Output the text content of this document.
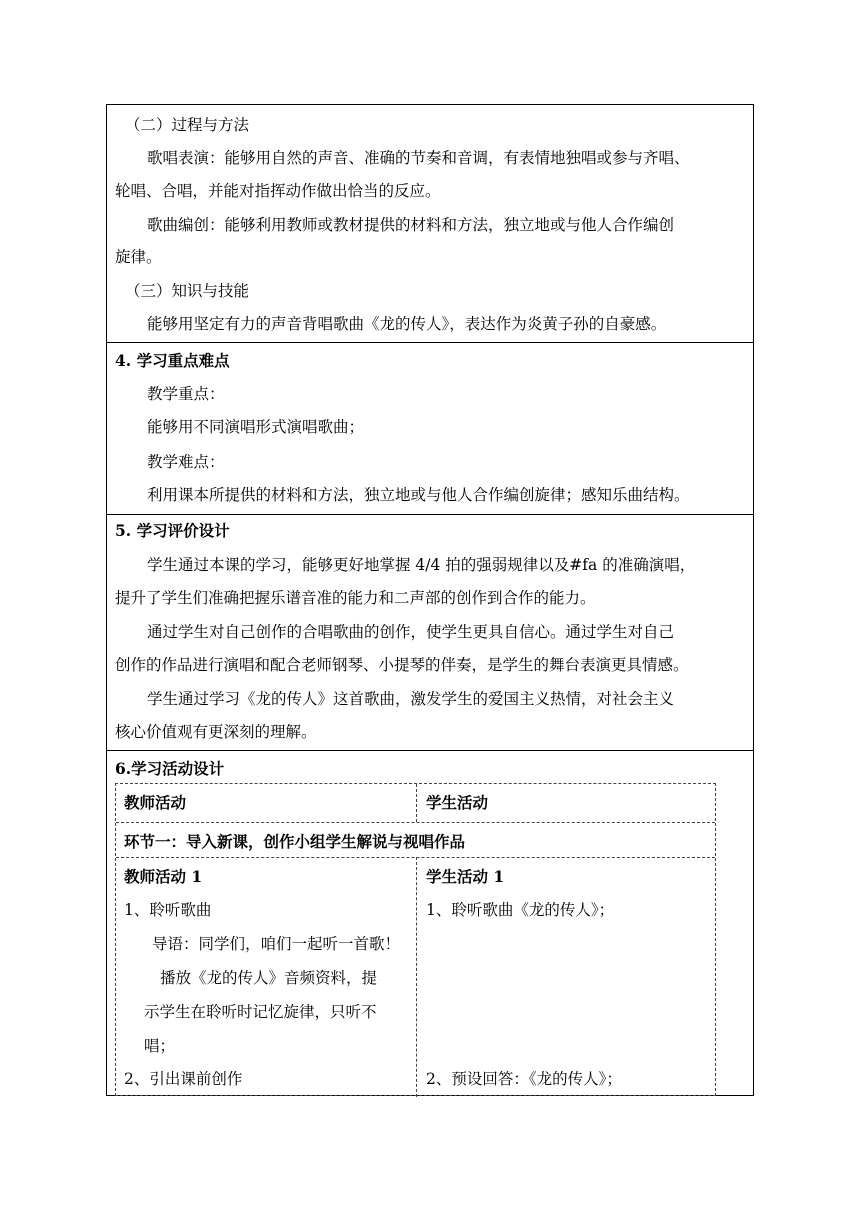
（二）过程与方法
歌唱表演：能够用自然的声音、准确的节奏和音调，有表情地独唱或参与齐唱、
轮唱、合唱，并能对指挥动作做出恰当的反应。
歌曲编创：能够利用教师或教材提供的材料和方法，独立地或与他人合作编创
旋律。
（三）知识与技能
能够用坚定有力的声音背唱歌曲《龙的传人》，表达作为炎黄子孙的自豪感。
4. 学习重点难点
教学重点：
能够用不同演唱形式演唱歌曲；
教学难点：
利用课本所提供的材料和方法，独立地或与他人合作编创旋律；感知乐曲结构。
5. 学习评价设计
学生通过本课的学习，能够更好地掌握 4/4 拍的强弱规律以及#fa 的准确演唱，
提升了学生们准确把握乐谱音准的能力和二声部的创作到合作的能力。
通过学生对自己创作的合唱歌曲的创作，使学生更具自信心。通过学生对自己
创作的作品进行演唱和配合老师钢琴、小提琴的伴奏，是学生的舞台表演更具情感。
学生通过学习《龙的传人》这首歌曲，激发学生的爱国主义热情，对社会主义
核心价值观有更深刻的理解。
6.学习活动设计
教师活动	学生活动
环节一：导入新课，创作小组学生解说与视唱作品
教师活动 1
1、聆听歌曲
导语：同学们，咱们一起听一首歌！
播放《龙的传人》音频资料，提
示学生在聆听时记忆旋律，只听不
唱；
2、引出课前创作
学生活动 1
1、聆听歌曲《龙的传人》；
2、预设回答：《龙的传人》；
